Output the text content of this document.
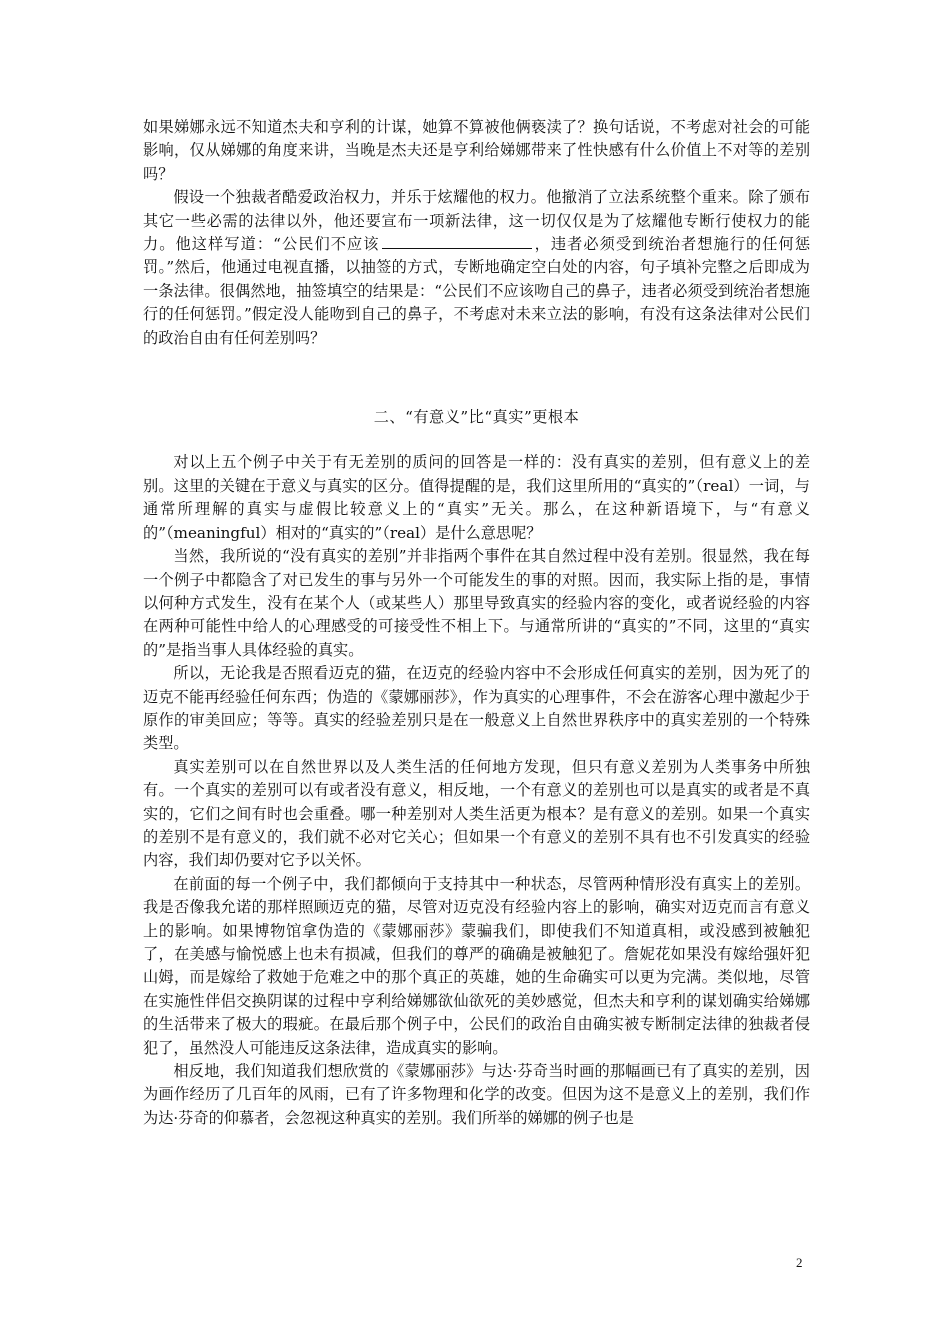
如果娣娜永远不知道杰夫和亨利的计谋，她算不算被他俩亵渎了？换句话说，不考虑对社会的可能影响，仅从娣娜的角度来讲，当晚是杰夫还是亨利给娣娜带来了性快感有什么价值上不对等的差别吗？

假设一个独裁者酷爱政治权力，并乐于炫耀他的权力。他撤消了立法系统整个重来。除了颁布其它一些必需的法律以外，他还要宣布一项新法律，这一切仅仅是为了炫耀他专断行使权力的能力。他这样写道：“公民们不应该	，违者必须受到统治者想施行的任何惩罚。”然后，他通过电视直播，以抽签的方式，专断地确定空白处的内容，句子填补完整之后即成为一条法律。很偶然地，抽签填空的结果是：“公民们不应该吻自己的鼻子，违者必须受到统治者想施行的任何惩罚。”假定没人能吻到自己的鼻子，不考虑对未来立法的影响，有没有这条法律对公民们的政治自由有任何差别吗？

二、“有意义”比“真实”更根本

对以上五个例子中关于有无差别的质问的回答是一样的：没有真实的差别，但有意义上的差别。这里的关键在于意义与真实的区分。值得提醒的是，我们这里所用的“真实的”（real）一词，与通常所理解的真实与虚假比较意义上的“真实”无关。那么，在这种新语境下，与“有意义的”（meaningful）相对的“真实的”（real）是什么意思呢？

当然，我所说的“没有真实的差别”并非指两个事件在其自然过程中没有差别。很显然，我在每一个例子中都隐含了对已发生的事与另外一个可能发生的事的对照。因而，我实际上指的是，事情以何种方式发生，没有在某个人（或某些人）那里导致真实的经验内容的变化，或者说经验的内容在两种可能性中给人的心理感受的可接受性不相上下。与通常所讲的“真实的”不同，这里的“真实的”是指当事人具体经验的真实。

所以，无论我是否照看迈克的猫，在迈克的经验内容中不会形成任何真实的差别，因为死了的迈克不能再经验任何东西；伪造的《蒙娜丽莎》，作为真实的心理事件，不会在游客心理中激起少于原作的审美回应；等等。真实的经验差别只是在一般意义上自然世界秩序中的真实差别的一个特殊类型。

真实差别可以在自然世界以及人类生活的任何地方发现，但只有意义差别为人类事务中所独有。一个真实的差别可以有或者没有意义，相反地，一个有意义的差别也可以是真实的或者是不真实的，它们之间有时也会重叠。哪一种差别对人类生活更为根本？是有意义的差别。如果一个真实的差别不是有意义的，我们就不必对它关心；但如果一个有意义的差别不具有也不引发真实的经验内容，我们却仍要对它予以关怀。

在前面的每一个例子中，我们都倾向于支持其中一种状态，尽管两种情形没有真实上的差别。我是否像我允诺的那样照顾迈克的猫，尽管对迈克没有经验内容上的影响，确实对迈克而言有意义上的影响。如果博物馆拿伪造的《蒙娜丽莎》蒙骗我们，即使我们不知道真相，或没感到被触犯了，在美感与愉悦感上也未有损减，但我们的尊严的确确是被触犯了。詹妮花如果没有嫁给强奸犯山姆，而是嫁给了救她于危难之中的那个真正的英雄，她的生命确实可以更为完满。类似地，尽管在实施性伴侣交换阴谋的过程中亨利给娣娜欲仙欲死的美妙感觉，但杰夫和亨利的谋划确实给娣娜的生活带来了极大的瑕疵。在最后那个例子中，公民们的政治自由确实被专断制定法律的独裁者侵犯了，虽然没人可能违反这条法律，造成真实的影响。

相反地，我们知道我们想欣赏的《蒙娜丽莎》与达·芬奇当时画的那幅画已有了真实的差别，因为画作经历了几百年的风雨，已有了许多物理和化学的改变。但因为这不是意义上的差别，我们作为达·芬奇的仰慕者，会忽视这种真实的差别。我们所举的娣娜的例子也是

2
